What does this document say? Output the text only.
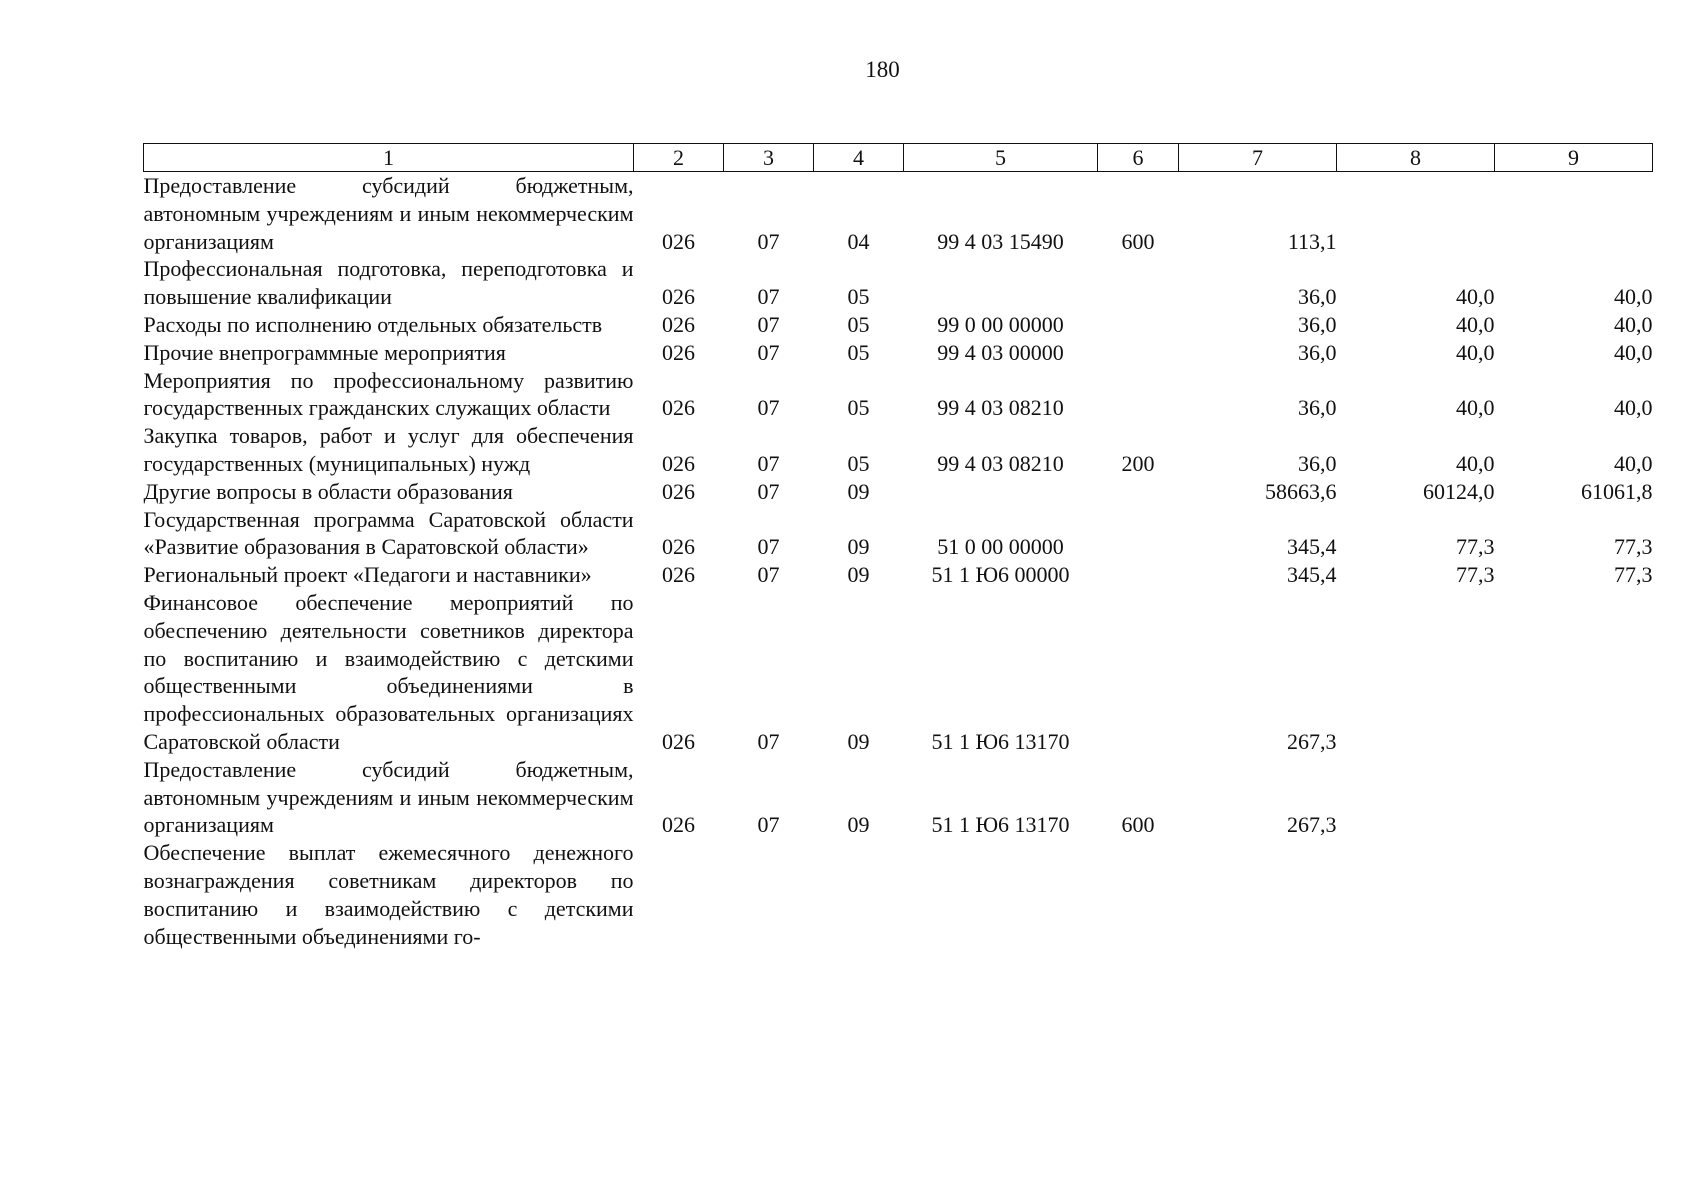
180
1	2	3	4	5	6	7	8	9
Предоставление субсидий бюджетным, автономным учреждениям и иным некоммерческим организациям	026	07	04	99 4 03 15490	600	113,1		
Профессиональная подготовка, переподготовка и повышение квалификации	026	07	05			36,0	40,0	40,0
Расходы по исполнению отдельных обязательств	026	07	05	99 0 00 00000		36,0	40,0	40,0
Прочие внепрограммные мероприятия	026	07	05	99 4 03 00000		36,0	40,0	40,0
Мероприятия по профессиональному развитию государственных гражданских служащих области	026	07	05	99 4 03 08210		36,0	40,0	40,0
Закупка товаров, работ и услуг для обеспечения государственных (муниципальных) нужд	026	07	05	99 4 03 08210	200	36,0	40,0	40,0
Другие вопросы в области образования	026	07	09			58663,6	60124,0	61061,8
Государственная программа Саратовской области «Развитие образования в Саратовской области»	026	07	09	51 0 00 00000		345,4	77,3	77,3
Региональный проект «Педагоги и наставники»	026	07	09	51 1 Ю6 00000		345,4	77,3	77,3
Финансовое обеспечение мероприятий по обеспечению деятельности советников директора по воспитанию и взаимодействию с детскими общественными объединениями в профессиональных образовательных организациях Саратовской области	026	07	09	51 1 Ю6 13170		267,3		
Предоставление субсидий бюджетным, автономным учреждениям и иным некоммерческим организациям	026	07	09	51 1 Ю6 13170	600	267,3		
Обеспечение выплат ежемесячного денежного вознаграждения советникам директоров по воспитанию и взаимодействию с детскими общественными объединениями го-								
